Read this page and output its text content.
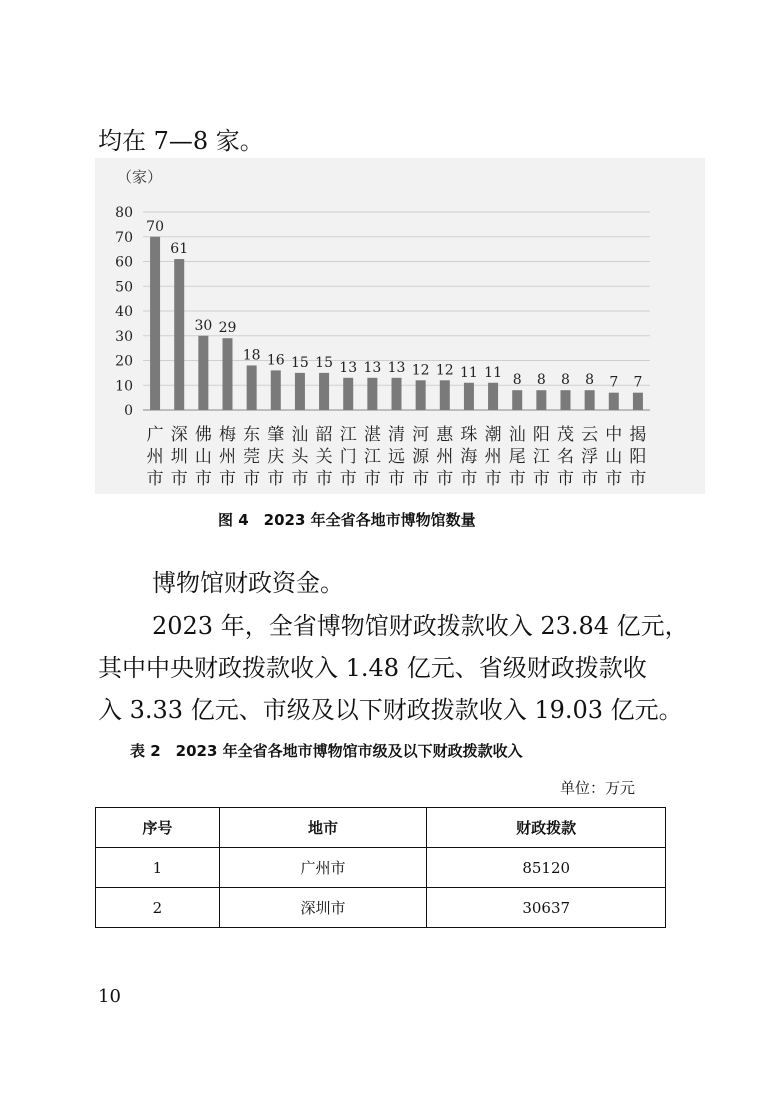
均在 7—8 家。
（家）
0
10
20
30
40
50
60
70
80
70
广州市
61
深圳市
30
佛山市
29
梅州市
18
东莞市
16
肇庆市
15
汕头市
15
韶关市
13
江门市
13
湛江市
13
清远市
12
河源市
12
惠州市
11
珠海市
11
潮州市
8
汕尾市
8
阳江市
8
茂名市
8
云浮市
7
中山市
7
揭阳市
图 4　2023 年全省各地市博物馆数量
博物馆财政资金。
2023 年，全省博物馆财政拨款收入 23.84 亿元，
其中中央财政拨款收入 1.48 亿元、省级财政拨款收
入 3.33 亿元、市级及以下财政拨款收入 19.03 亿元。
表 2　2023 年全省各地市博物馆市级及以下财政拨款收入
单位：万元
序号	地市	财政拨款
1	广州市	85120
2	深圳市	30637
10
